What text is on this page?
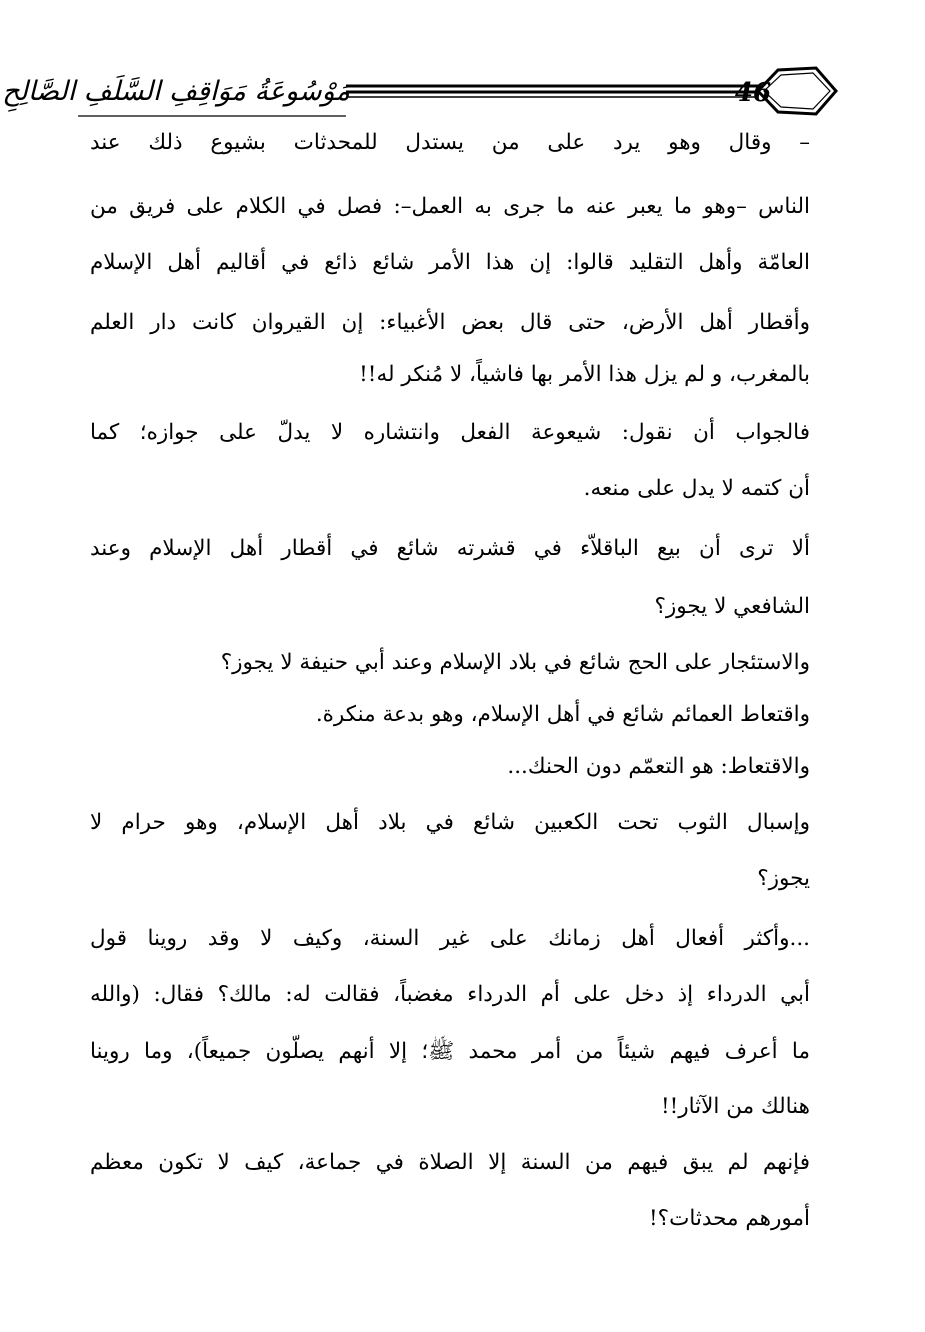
مَوْسُوعَةُ مَوَاقِفِ السَّلَفِ الصَّالِحِ	46
– وقال وهو يرد على من يستدل للمحدثات بشيوع ذلك عند
الناس –وهو ما يعبر عنه ما جرى به العمل–: فصل في الكلام على فريق من
العامّة وأهل التقليد قالوا: إن هذا الأمر شائع ذائع في أقاليم أهل الإسلام
وأقطار أهل الأرض، حتى قال بعض الأغبياء: إن القيروان كانت دار العلم
بالمغرب، و لم يزل هذا الأمر بها فاشياً، لا مُنكر له!!
فالجواب أن نقول: شيعوعة الفعل وانتشاره لا يدلّ على جوازه؛ كما
أن كتمه لا يدل على منعه.
ألا ترى أن بيع الباقلاّء في قشرته شائع في أقطار أهل الإسلام وعند
الشافعي لا يجوز؟
والاستئجار على الحج شائع في بلاد الإسلام وعند أبي حنيفة لا يجوز؟
واقتعاط العمائم شائع في أهل الإسلام، وهو بدعة منكرة.
والاقتعاط: هو التعمّم دون الحنك...
وإسبال الثوب تحت الكعبين شائع في بلاد أهل الإسلام، وهو حرام لا
يجوز؟
...وأكثر أفعال أهل زمانك على غير السنة، وكيف لا وقد روينا قول
أبي الدرداء إذ دخل على أم الدرداء مغضباً، فقالت له: مالك؟ فقال: (والله
ما أعرف فيهم شيئاً من أمر محمد ﷺ؛ إلا أنهم يصلّون جميعاً)، وما روينا
هنالك من الآثار!!
فإنهم لم يبق فيهم من السنة إلا الصلاة في جماعة، كيف لا تكون معظم
أمورهم محدثات؟!
